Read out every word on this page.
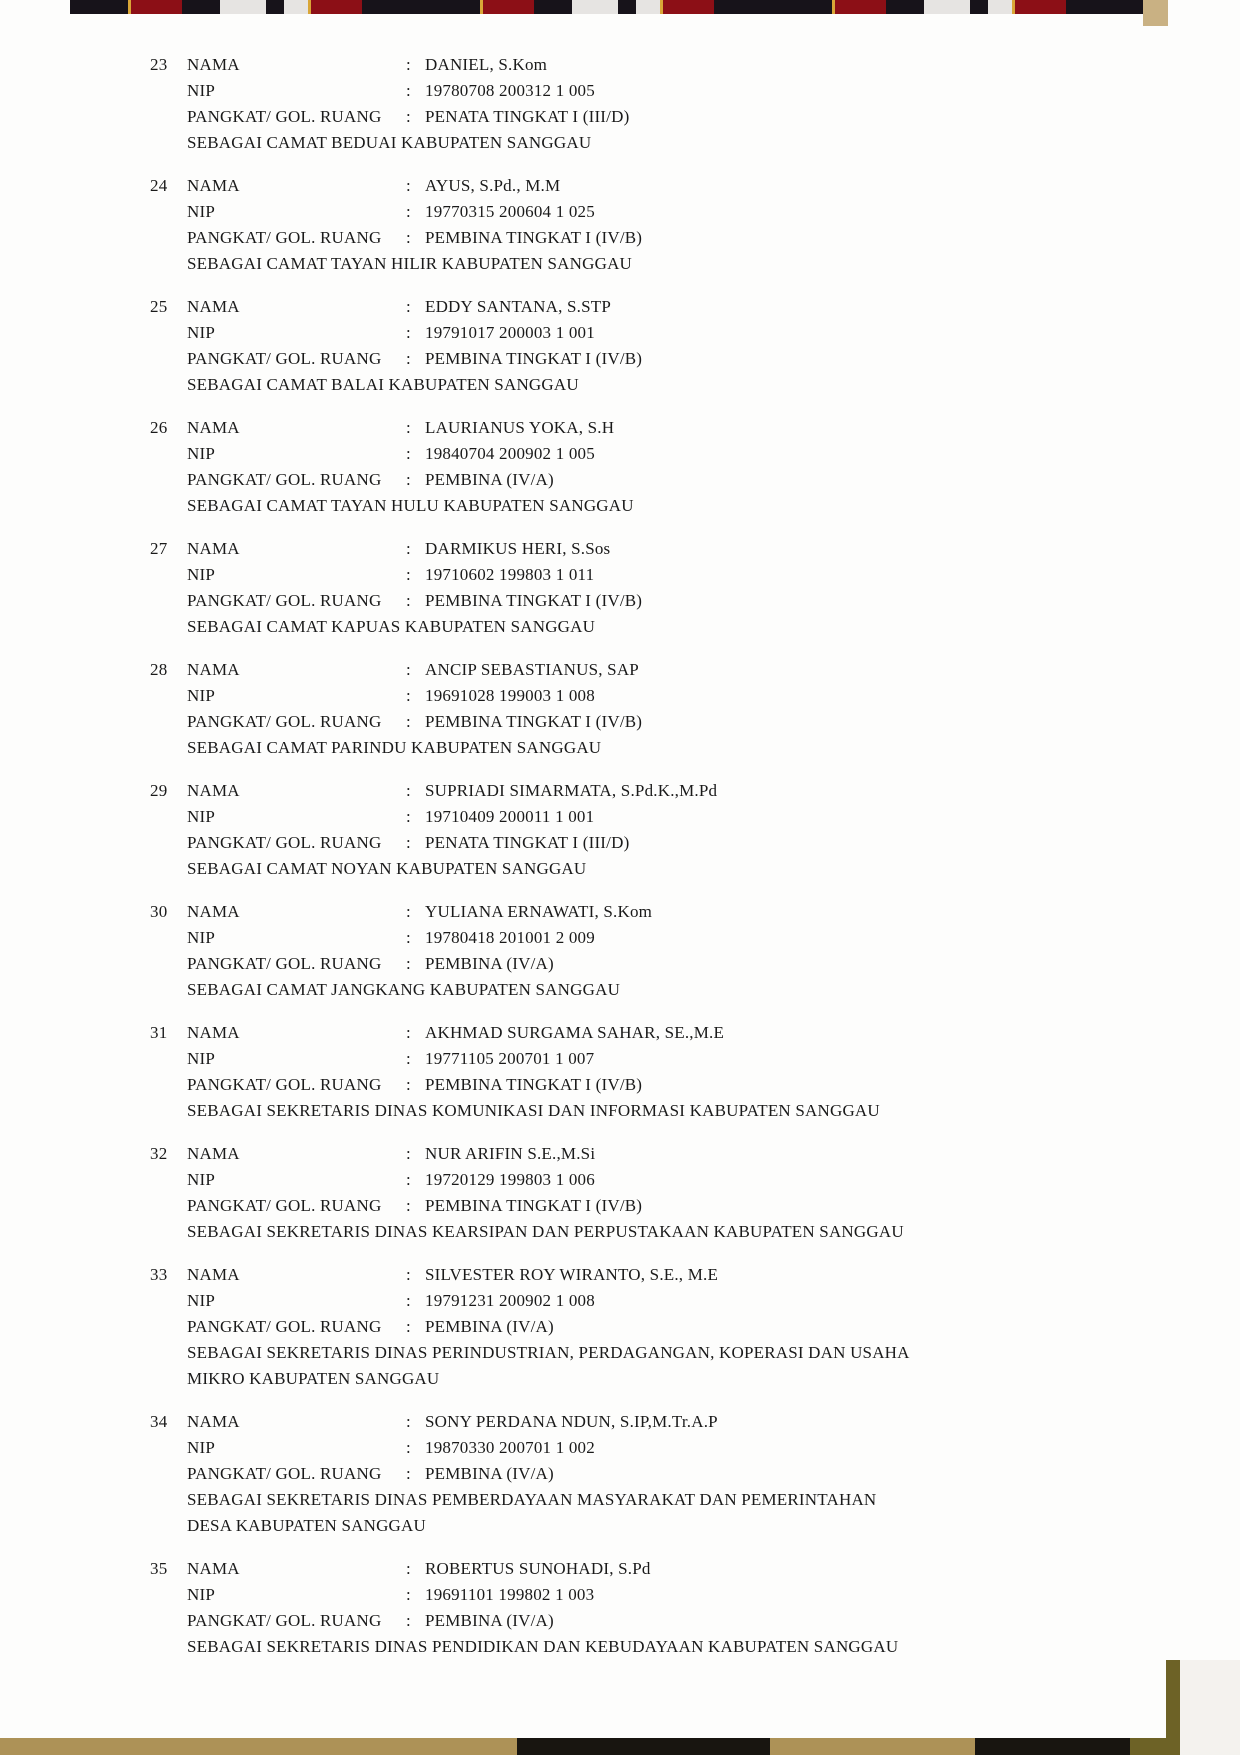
23	NAMA	: DANIEL, S.Kom
NIP	: 19780708 200312 1 005
PANGKAT/ GOL. RUANG	: PENATA TINGKAT I (III/D)
SEBAGAI CAMAT BEDUAI KABUPATEN SANGGAU
24	NAMA	: AYUS, S.Pd., M.M
NIP	: 19770315 200604 1 025
PANGKAT/ GOL. RUANG	: PEMBINA TINGKAT I (IV/B)
SEBAGAI CAMAT TAYAN HILIR KABUPATEN SANGGAU
25	NAMA	: EDDY SANTANA, S.STP
NIP	: 19791017 200003 1 001
PANGKAT/ GOL. RUANG	: PEMBINA TINGKAT I (IV/B)
SEBAGAI CAMAT BALAI KABUPATEN SANGGAU
26	NAMA	: LAURIANUS YOKA, S.H
NIP	: 19840704 200902 1 005
PANGKAT/ GOL. RUANG	: PEMBINA (IV/A)
SEBAGAI CAMAT TAYAN HULU KABUPATEN SANGGAU
27	NAMA	: DARMIKUS HERI, S.Sos
NIP	: 19710602 199803 1 011
PANGKAT/ GOL. RUANG	: PEMBINA TINGKAT I (IV/B)
SEBAGAI CAMAT KAPUAS KABUPATEN SANGGAU
28	NAMA	: ANCIP SEBASTIANUS, SAP
NIP	: 19691028 199003 1 008
PANGKAT/ GOL. RUANG	: PEMBINA TINGKAT I (IV/B)
SEBAGAI CAMAT PARINDU KABUPATEN SANGGAU
29	NAMA	: SUPRIADI SIMARMATA, S.Pd.K.,M.Pd
NIP	: 19710409 200011 1 001
PANGKAT/ GOL. RUANG	: PENATA TINGKAT I (III/D)
SEBAGAI CAMAT NOYAN KABUPATEN SANGGAU
30	NAMA	: YULIANA ERNAWATI, S.Kom
NIP	: 19780418 201001 2 009
PANGKAT/ GOL. RUANG	: PEMBINA (IV/A)
SEBAGAI CAMAT JANGKANG KABUPATEN SANGGAU
31	NAMA	: AKHMAD SURGAMA SAHAR, SE.,M.E
NIP	: 19771105 200701 1 007
PANGKAT/ GOL. RUANG	: PEMBINA TINGKAT I (IV/B)
SEBAGAI SEKRETARIS DINAS KOMUNIKASI DAN INFORMASI KABUPATEN SANGGAU
32	NAMA	: NUR ARIFIN S.E.,M.Si
NIP	: 19720129 199803 1 006
PANGKAT/ GOL. RUANG	: PEMBINA TINGKAT I (IV/B)
SEBAGAI SEKRETARIS DINAS KEARSIPAN DAN PERPUSTAKAAN KABUPATEN SANGGAU
33	NAMA	: SILVESTER ROY WIRANTO, S.E., M.E
NIP	: 19791231 200902 1 008
PANGKAT/ GOL. RUANG	: PEMBINA (IV/A)
SEBAGAI SEKRETARIS DINAS PERINDUSTRIAN, PERDAGANGAN, KOPERASI DAN USAHA MIKRO KABUPATEN SANGGAU
34	NAMA	: SONY PERDANA NDUN, S.IP,M.Tr.A.P
NIP	: 19870330 200701 1 002
PANGKAT/ GOL. RUANG	: PEMBINA (IV/A)
SEBAGAI SEKRETARIS DINAS PEMBERDAYAAN MASYARAKAT DAN PEMERINTAHAN DESA KABUPATEN SANGGAU
35	NAMA	: ROBERTUS SUNOHADI, S.Pd
NIP	: 19691101 199802 1 003
PANGKAT/ GOL. RUANG	: PEMBINA (IV/A)
SEBAGAI SEKRETARIS DINAS PENDIDIKAN DAN KEBUDAYAAN KABUPATEN SANGGAU
